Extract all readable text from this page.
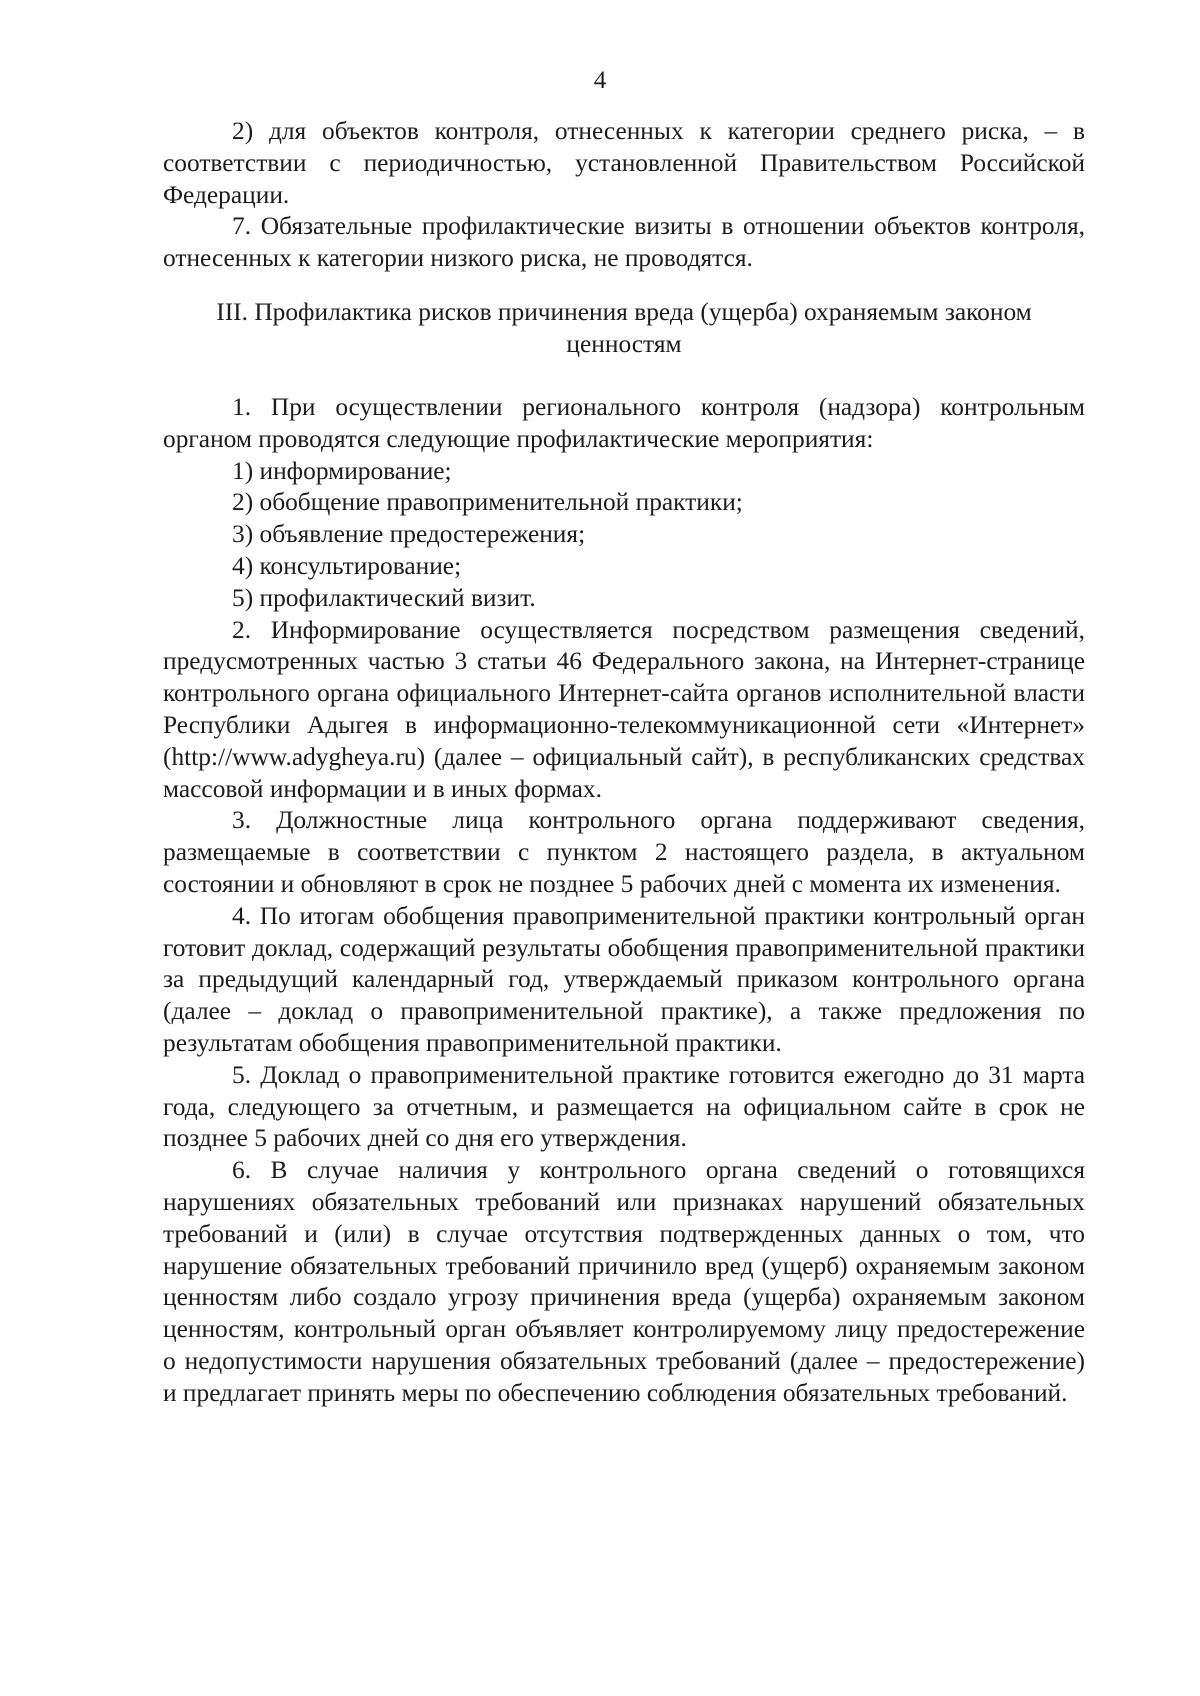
4

2) для объектов контроля, отнесенных к категории среднего риска, – в соответствии с периодичностью, установленной Правительством Российской Федерации.

7. Обязательные профилактические визиты в отношении объектов контроля, отнесенных к категории низкого риска, не проводятся.

III. Профилактика рисков причинения вреда (ущерба) охраняемым законом
ценностям

1. При осуществлении регионального контроля (надзора) контрольным органом проводятся следующие профилактические мероприятия:

1) информирование;

2) обобщение правоприменительной практики;

3) объявление предостережения;

4) консультирование;

5) профилактический визит.

2. Информирование осуществляется посредством размещения сведений, предусмотренных частью 3 статьи 46 Федерального закона, на Интернет-странице контрольного органа официального Интернет-сайта органов исполнительной власти Республики Адыгея в информационно-телекоммуникационной сети «Интернет» (http://www.adygheya.ru) (далее – официальный сайт), в республиканских средствах массовой информации и в иных формах.

3. Должностные лица контрольного органа поддерживают сведения, размещаемые в соответствии с пунктом 2 настоящего раздела, в актуальном состоянии и обновляют в срок не позднее 5 рабочих дней с момента их изменения.

4. По итогам обобщения правоприменительной практики контрольный орган готовит доклад, содержащий результаты обобщения правоприменительной практики за предыдущий календарный год, утверждаемый приказом контрольного органа (далее – доклад о правоприменительной практике), а также предложения по результатам обобщения правоприменительной практики.

5. Доклад о правоприменительной практике готовится ежегодно до 31 марта года, следующего за отчетным, и размещается на официальном сайте в срок не позднее 5 рабочих дней со дня его утверждения.

6. В случае наличия у контрольного органа сведений о готовящихся нарушениях обязательных требований или признаках нарушений обязательных требований и (или) в случае отсутствия подтвержденных данных о том, что нарушение обязательных требований причинило вред (ущерб) охраняемым законом ценностям либо создало угрозу причинения вреда (ущерба) охраняемым законом ценностям, контрольный орган объявляет контролируемому лицу предостережение о недопустимости нарушения обязательных требований (далее – предостережение) и предлагает принять меры по обеспечению соблюдения обязательных требований.
